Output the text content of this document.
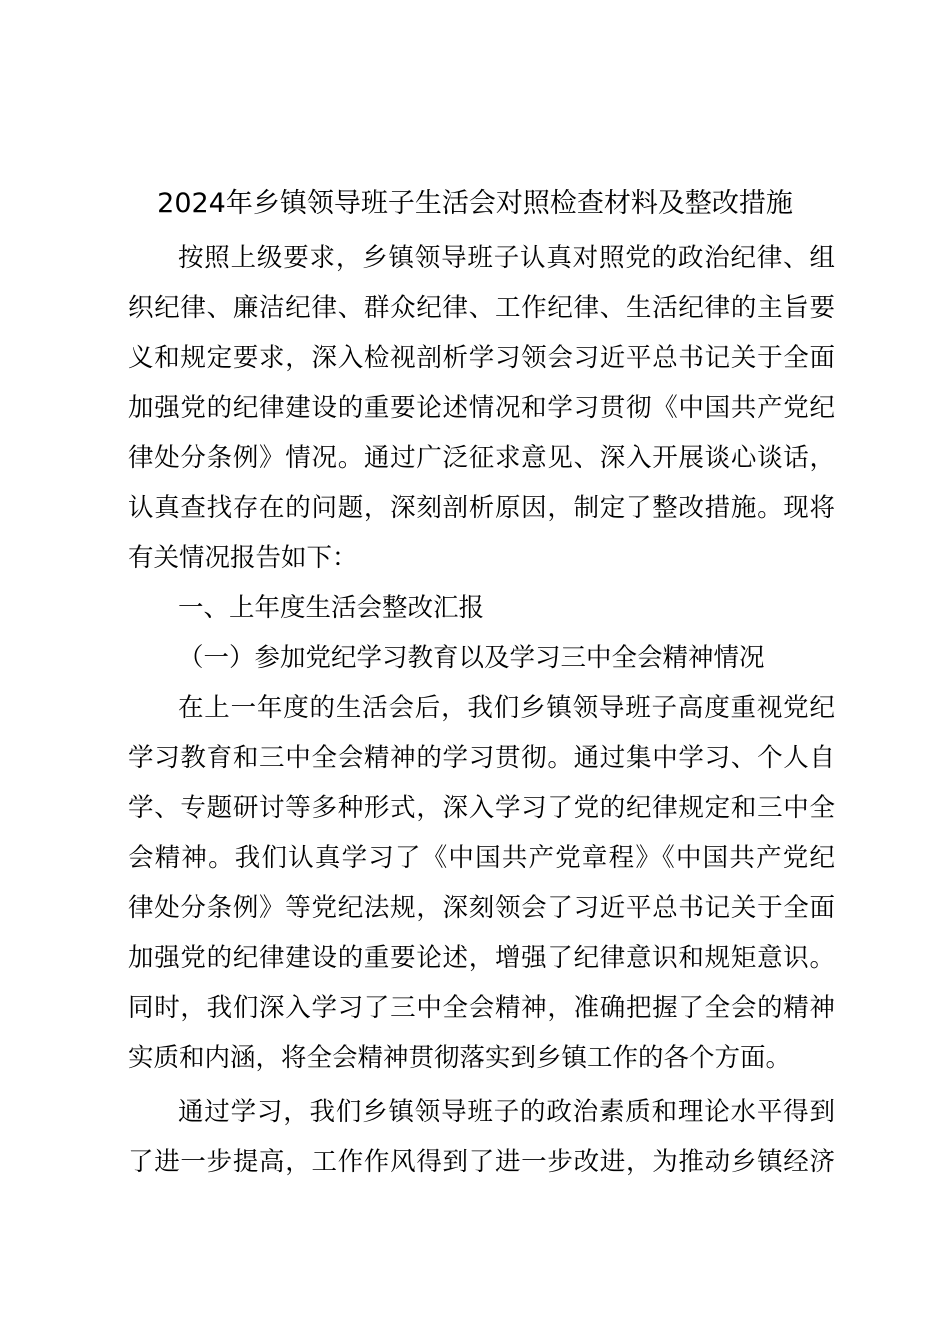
2024年乡镇领导班子生活会对照检查材料及整改措施
按照上级要求，乡镇领导班子认真对照党的政治纪律、组
织纪律、廉洁纪律、群众纪律、工作纪律、生活纪律的主旨要
义和规定要求，深入检视剖析学习领会习近平总书记关于全面
加强党的纪律建设的重要论述情况和学习贯彻《中国共产党纪
律处分条例》情况。通过广泛征求意见、深入开展谈心谈话，
认真查找存在的问题，深刻剖析原因，制定了整改措施。现将
有关情况报告如下：
一、上年度生活会整改汇报
（一）参加党纪学习教育以及学习三中全会精神情况
在上一年度的生活会后，我们乡镇领导班子高度重视党纪
学习教育和三中全会精神的学习贯彻。通过集中学习、个人自
学、专题研讨等多种形式，深入学习了党的纪律规定和三中全
会精神。我们认真学习了《中国共产党章程》《中国共产党纪
律处分条例》等党纪法规，深刻领会了习近平总书记关于全面
加强党的纪律建设的重要论述，增强了纪律意识和规矩意识。
同时，我们深入学习了三中全会精神，准确把握了全会的精神
实质和内涵，将全会精神贯彻落实到乡镇工作的各个方面。
通过学习，我们乡镇领导班子的政治素质和理论水平得到
了进一步提高，工作作风得到了进一步改进，为推动乡镇经济
